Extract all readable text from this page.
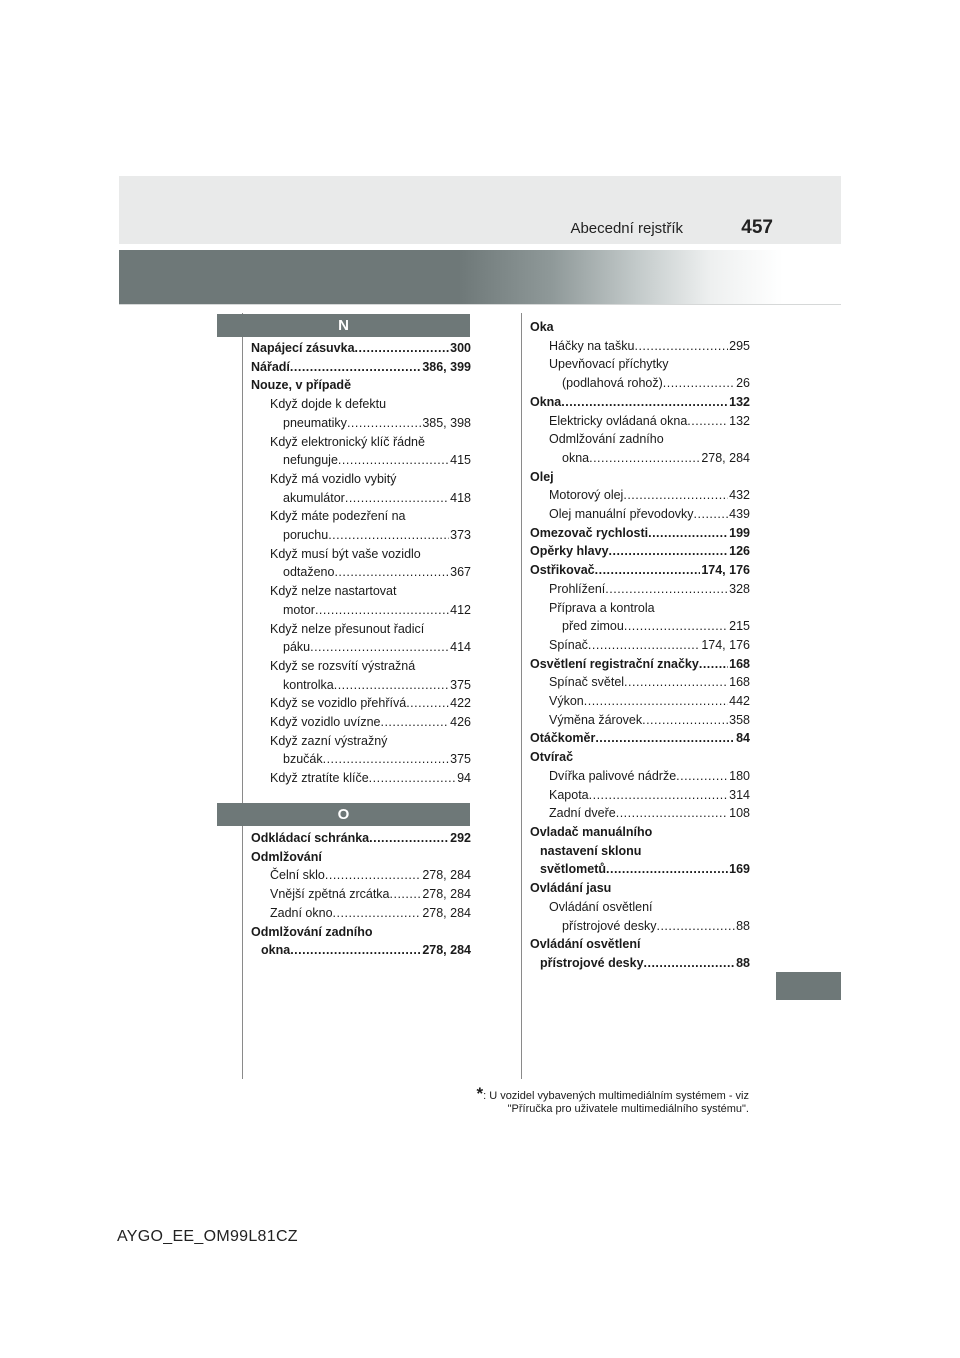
Abecední rejstřík	457
N
Napájecí zásuvka .....	300
Nářadí .....	386, 399
Nouze, v případě
Když dojde k defektu
pneumatiky .....	385, 398
Když elektronický klíč řádně
nefunguje .....	415
Když má vozidlo vybitý
akumulátor .....	418
Když máte podezření na
poruchu .....	373
Když musí být vaše vozidlo
odtaženo .....	367
Když nelze nastartovat
motor .....	412
Když nelze přesunout řadicí
páku .....	414
Když se rozsvítí výstražná
kontrolka .....	375
Když se vozidlo přehřívá .....	422
Když vozidlo uvízne .....	426
Když zazní výstražný
bzučák .....	375
Když ztratíte klíče .....	94
O
Odkládací schránka .....	292
Odmlžování
Čelní sklo .....	278, 284
Vnější zpětná zrcátka .....	278, 284
Zadní okno .....	278, 284
Odmlžování zadního
okna .....	278, 284
Oka
Háčky na tašku .....	295
Upevňovací příchytky
(podlahová rohož) .....	26
Okna .....	132
Elektricky ovládaná okna .....	132
Odmlžování zadního
okna .....	278, 284
Olej
Motorový olej .....	432
Olej manuální převodovky .....	439
Omezovač rychlosti .....	199
Opěrky hlavy .....	126
Ostřikovač .....	174, 176
Prohlížení .....	328
Příprava a kontrola
před zimou .....	215
Spínač .....	174, 176
Osvětlení registrační značky ..... 168
Spínač světel .....	168
Výkon .....	442
Výměna žárovek .....	358
Otáčkoměr .....	84
Otvírač
Dvířka palivové nádrže .....	180
Kapota .....	314
Zadní dveře .....	108
Ovladač manuálního
nastavení sklonu
světlometů .....	169
Ovládání jasu
Ovládání osvětlení
přístrojové desky .....	88
Ovládání osvětlení
přístrojové desky .....	88
*: U vozidel vybavených multimediálním systémem - viz
"Příručka pro uživatele multimediálního systému".
AYGO_EE_OM99L81CZ
